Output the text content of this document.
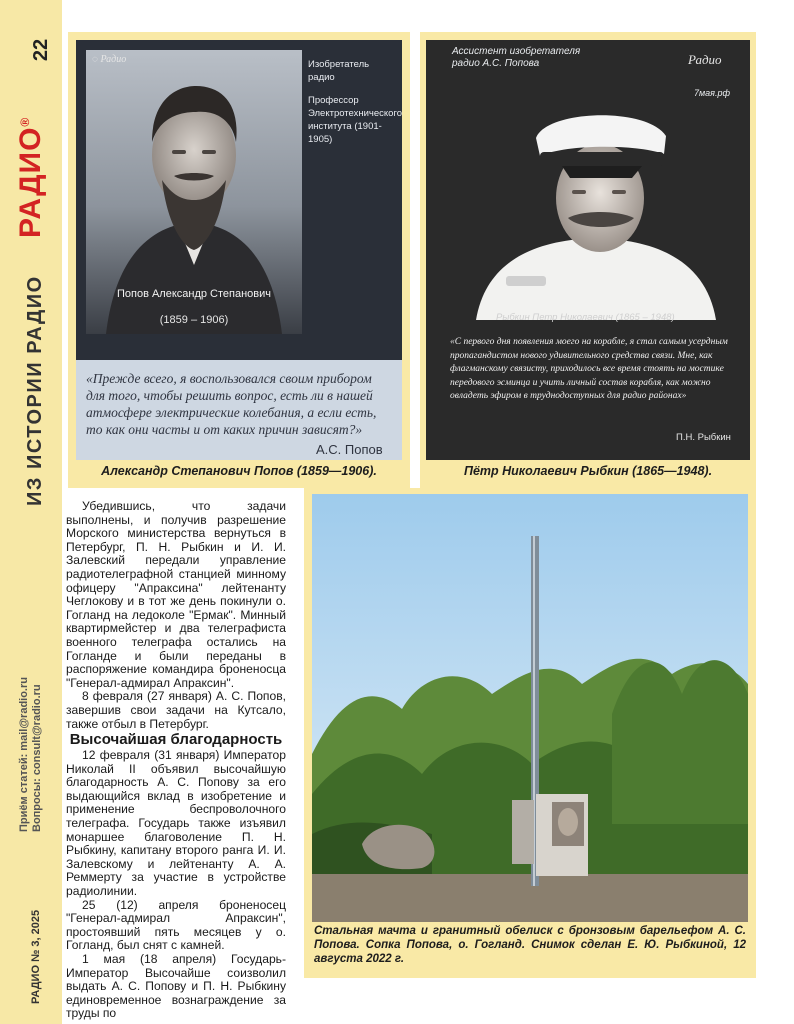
22
РАДИО®
ИЗ ИСТОРИИ РАДИО
Приём статей: mail@radio.ru Вопросы: consult@radio.ru
РАДИО № 3, 2025
Попов Александр Степанович
(1859 – 1906)
◌ Радио	Изобретатель радио
Профессор Электротехнического института (1901-1905)
«Прежде всего, я воспользовался своим прибором для того, чтобы решить вопрос, есть ли в нашей атмосфере электрические колебания, а если есть, то как они часты и от каких причин зависят?»
А.С. Попов
Александр Степанович Попов (1859—1906).
Ассистент изобретателя радио А.С. Попова	Радио
7мая.рф
Рыбкин Петр Николаевич (1865 – 1948)
«С первого дня появления моего на корабле, я стал самым усердным пропагандистом нового удивительного средства связи. Мне, как флагманскому связисту, приходилось все время стоять на мостике передового эсминца и учить личный состав корабля, как можно овладеть эфиром в труднодоступных для радио районах»
П.Н. Рыбкин
Пётр Николаевич Рыбкин (1865—1948).

Убедившись, что задачи выполнены, и получив разрешение Морского министерства вернуться в Петербург, П. Н. Рыбкин и И. И. Залевский передали управление радиотелеграфной станцией минному офицеру "Апраксина" лейтенанту Чеглокову и в тот же день покинули о. Гогланд на ледоколе "Ермак". Минный квартирмейстер и два телеграфиста военного телеграфа остались на Гогланде и были переданы в распоряжение командира броненосца "Генерал-адмирал Апраксин".

8 февраля (27 января) А. С. Попов, завершив свои задачи на Кутсало, также отбыл в Петербург.

Высочайшая благодарность

12 февраля (31 января) Император Николай II объявил высочайшую благодарность А. С. Попову за его выдающийся вклад в изобретение и применение беспроволочного телеграфа. Государь также изъявил монаршее благоволение П. Н. Рыбкину, капитану второго ранга И. И. Залевскому и лейтенанту А. А. Реммерту за участие в устройстве радиолинии.

25 (12) апреля броненосец "Генерал-адмирал Апраксин", простоявший пять месяцев у о. Гогланд, был снят с камней.

1 мая (18 апреля) Государь-Император Высочайше соизволил выдать А. С. Попову и П. Н. Рыбкину единовременное вознаграждение за труды по

Стальная мачта и гранитный обелиск с бронзовым барельефом А. С. Попова. Сопка Попова, о. Гогланд. Снимок сделан Е. Ю. Рыбкиной, 12 августа 2022 г.
